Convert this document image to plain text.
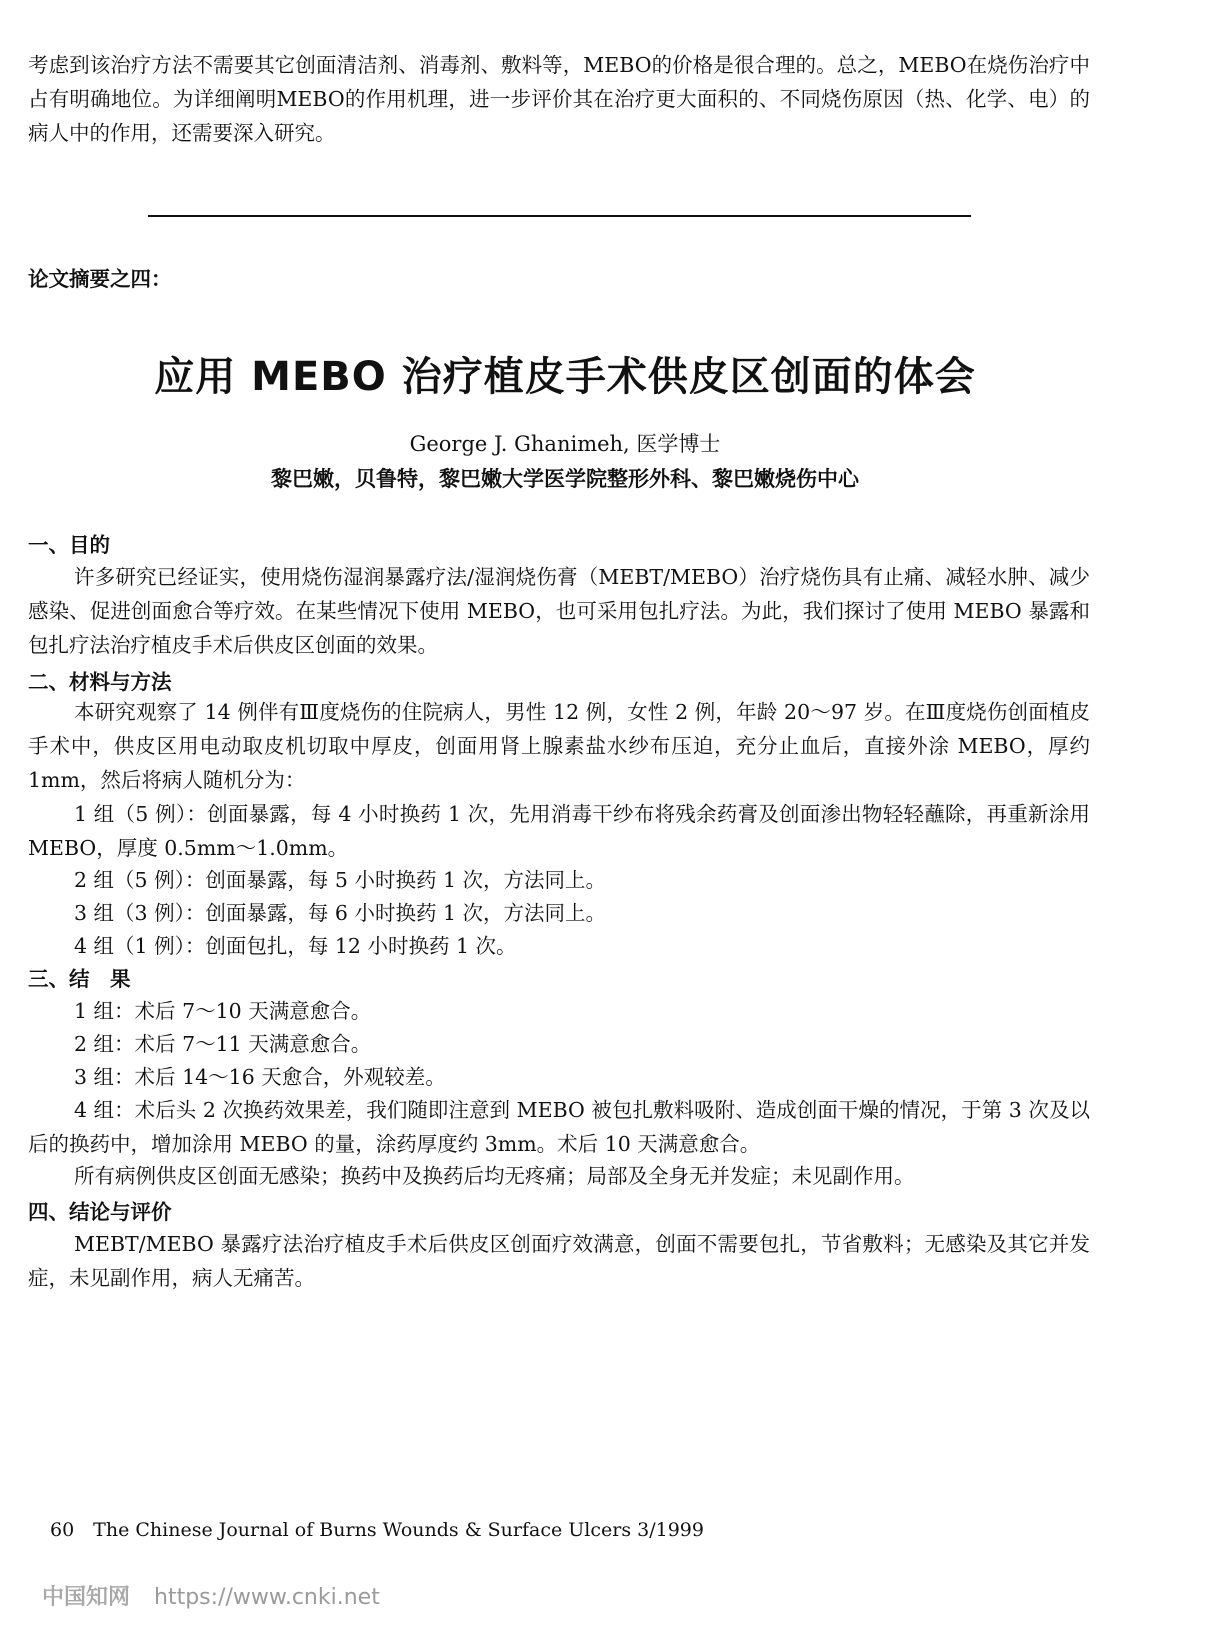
考虑到该治疗方法不需要其它创面清洁剂、消毒剂、敷料等，MEBO的价格是很合理的。总之，MEBO在烧伤治疗中占有明确地位。为详细阐明MEBO的作用机理，进一步评价其在治疗更大面积的、不同烧伤原因（热、化学、电）的病人中的作用，还需要深入研究。

论文摘要之四：

应用 MEBO 治疗植皮手术供皮区创面的体会

George J. Ghanimeh, 医学博士

黎巴嫩，贝鲁特，黎巴嫩大学医学院整形外科、黎巴嫩烧伤中心

一、目的

许多研究已经证实，使用烧伤湿润暴露疗法/湿润烧伤膏（MEBT/MEBO）治疗烧伤具有止痛、减轻水肿、减少感染、促进创面愈合等疗效。在某些情况下使用 MEBO，也可采用包扎疗法。为此，我们探讨了使用 MEBO 暴露和包扎疗法治疗植皮手术后供皮区创面的效果。

二、材料与方法

本研究观察了 14 例伴有Ⅲ度烧伤的住院病人，男性 12 例，女性 2 例，年龄 20～97 岁。在Ⅲ度烧伤创面植皮手术中，供皮区用电动取皮机切取中厚皮，创面用肾上腺素盐水纱布压迫，充分止血后，直接外涂 MEBO，厚约 1mm，然后将病人随机分为：

1 组（5 例）：创面暴露，每 4 小时换药 1 次，先用消毒干纱布将残余药膏及创面渗出物轻轻蘸除，再重新涂用 MEBO，厚度 0.5mm～1.0mm。

2 组（5 例）：创面暴露，每 5 小时换药 1 次，方法同上。

3 组（3 例）：创面暴露，每 6 小时换药 1 次，方法同上。

4 组（1 例）：创面包扎，每 12 小时换药 1 次。

三、结　果

1 组：术后 7～10 天满意愈合。

2 组：术后 7～11 天满意愈合。

3 组：术后 14～16 天愈合，外观较差。

4 组：术后头 2 次换药效果差，我们随即注意到 MEBO 被包扎敷料吸附、造成创面干燥的情况，于第 3 次及以后的换药中，增加涂用 MEBO 的量，涂药厚度约 3mm。术后 10 天满意愈合。

所有病例供皮区创面无感染；换药中及换药后均无疼痛；局部及全身无并发症；未见副作用。

四、结论与评价

MEBT/MEBO 暴露疗法治疗植皮手术后供皮区创面疗效满意，创面不需要包扎，节省敷料；无感染及其它并发症，未见副作用，病人无痛苦。

60　The Chinese Journal of Burns Wounds & Surface Ulcers 3/1999

中国知网 https://www.cnki.net
